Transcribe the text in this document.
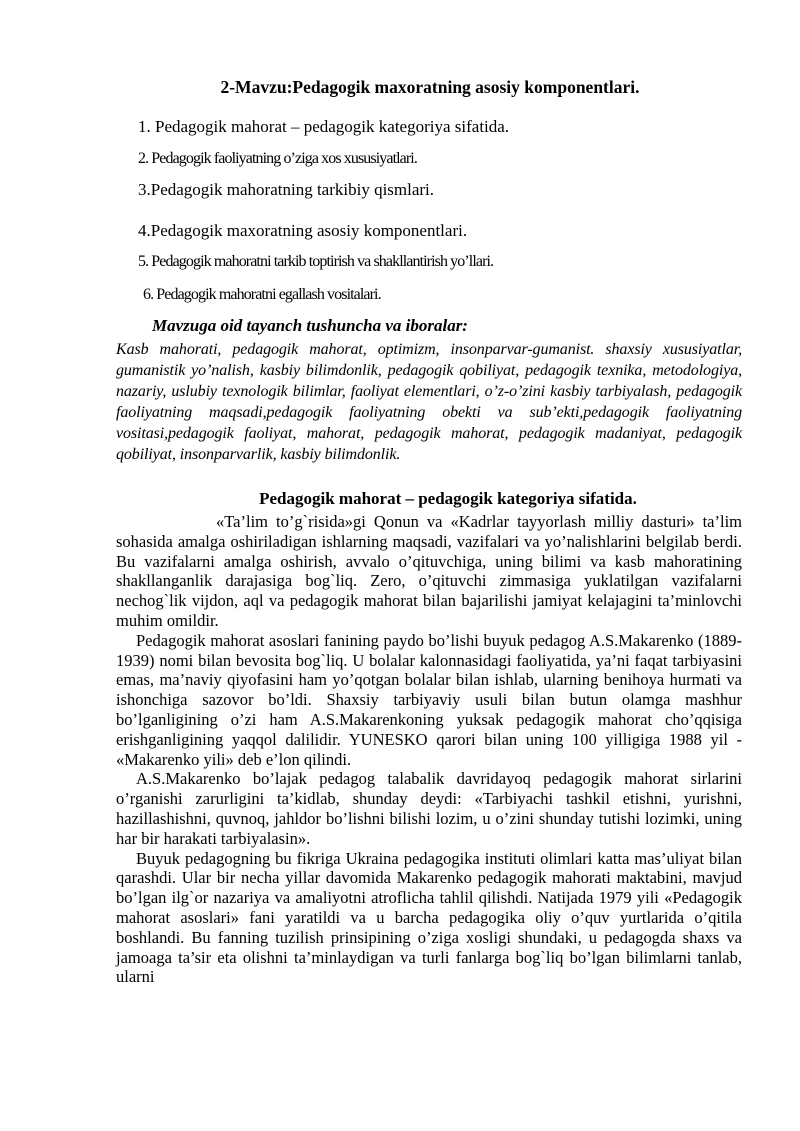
2-Mavzu:Pedagogik maxoratning asosiy komponentlari.
1. Pedagogik mahorat – pedagogik kategoriya sifatida.
2. Pedagogik faoliyatning o’ziga xos xususiyatlari.
3.Pedagogik mahoratning tarkibiy qismlari.
4.Pedagogik maxoratning asosiy komponentlari.
5. Pedagogik mahoratni tarkib toptirish va shakllantirish yo’llari.
6. Pedagogik mahoratni egallash vositalari.
Mavzuga oid tayanch tushuncha va iboralar:

Kasb mahorati, pedagogik mahorat, optimizm, insonparvar-gumanist. shaxsiy xususiyatlar, gumanistik yo’nalish, kasbiy bilimdonlik, pedagogik qobiliyat, pedagogik texnika, metodologiya, nazariy, uslubiy texnologik bilimlar, faoliyat elementlari, o’z-o’zini kasbiy tarbiyalash, pedagogik faoliyatning maqsadi,pedagogik faoliyatning obekti va sub’ekti,pedagogik faoliyatning vositasi,pedagogik faoliyat, mahorat, pedagogik mahorat, pedagogik madaniyat, pedagogik qobiliyat, insonparvarlik, kasbiy bilimdonlik.

Pedagogik mahorat – pedagogik kategoriya sifatida.

«Ta’lim to’g`risida»gi Qonun va «Kadrlar tayyorlash milliy dasturi» ta’lim sohasida amalga oshiriladigan ishlarning maqsadi, vazifalari va yo’nalishlarini belgilab berdi. Bu vazifalarni amalga oshirish, avvalo o’qituvchiga, uning bilimi va kasb mahoratining shakllanganlik darajasiga bog`liq. Zero, o’qituvchi zimmasiga yuklatilgan vazifalarni nechog`lik vijdon, aql va pedagogik mahorat bilan bajarilishi jamiyat kelajagini ta’minlovchi muhim omildir.

Pedagogik mahorat asoslari fanining paydo bo’lishi buyuk pedagog A.S.Makarenko (1889-1939) nomi bilan bevosita bog`liq. U bolalar kalonnasidagi faoliyatida, ya’ni faqat tarbiyasini emas, ma’naviy qiyofasini ham yo’qotgan bolalar bilan ishlab, ularning benihoya hurmati va ishonchiga sazovor bo’ldi. Shaxsiy tarbiyaviy usuli bilan butun olamga mashhur bo’lganligining o’zi ham A.S.Makarenkoning yuksak pedagogik mahorat cho’qqisiga erishganligining yaqqol dalilidir. YUNESKO qarori bilan uning 100 yilligiga 1988 yil - «Makarenko yili» deb e’lon qilindi.

A.S.Makarenko bo’lajak pedagog talabalik davridayoq pedagogik mahorat sirlarini o’rganishi zarurligini ta’kidlab, shunday deydi: «Tarbiyachi tashkil etishni, yurishni, hazillashishni, quvnoq, jahldor bo’lishni bilishi lozim, u o’zini shunday tutishi lozimki, uning har bir harakati tarbiyalasin».

Buyuk pedagogning bu fikriga Ukraina pedagogika instituti olimlari katta mas’uliyat bilan qarashdi. Ular bir necha yillar davomida Makarenko pedagogik mahorati maktabini, mavjud bo’lgan ilg`or nazariya va amaliyotni atroflicha tahlil qilishdi. Natijada 1979 yili «Pedagogik mahorat asoslari» fani yaratildi va u barcha pedagogika oliy o’quv yurtlarida o’qitila boshlandi. Bu fanning tuzilish prinsipining o’ziga xosligi shundaki, u pedagogda shaxs va jamoaga ta’sir eta olishni ta’minlaydigan va turli fanlarga bog`liq bo’lgan bilimlarni tanlab, ularni
